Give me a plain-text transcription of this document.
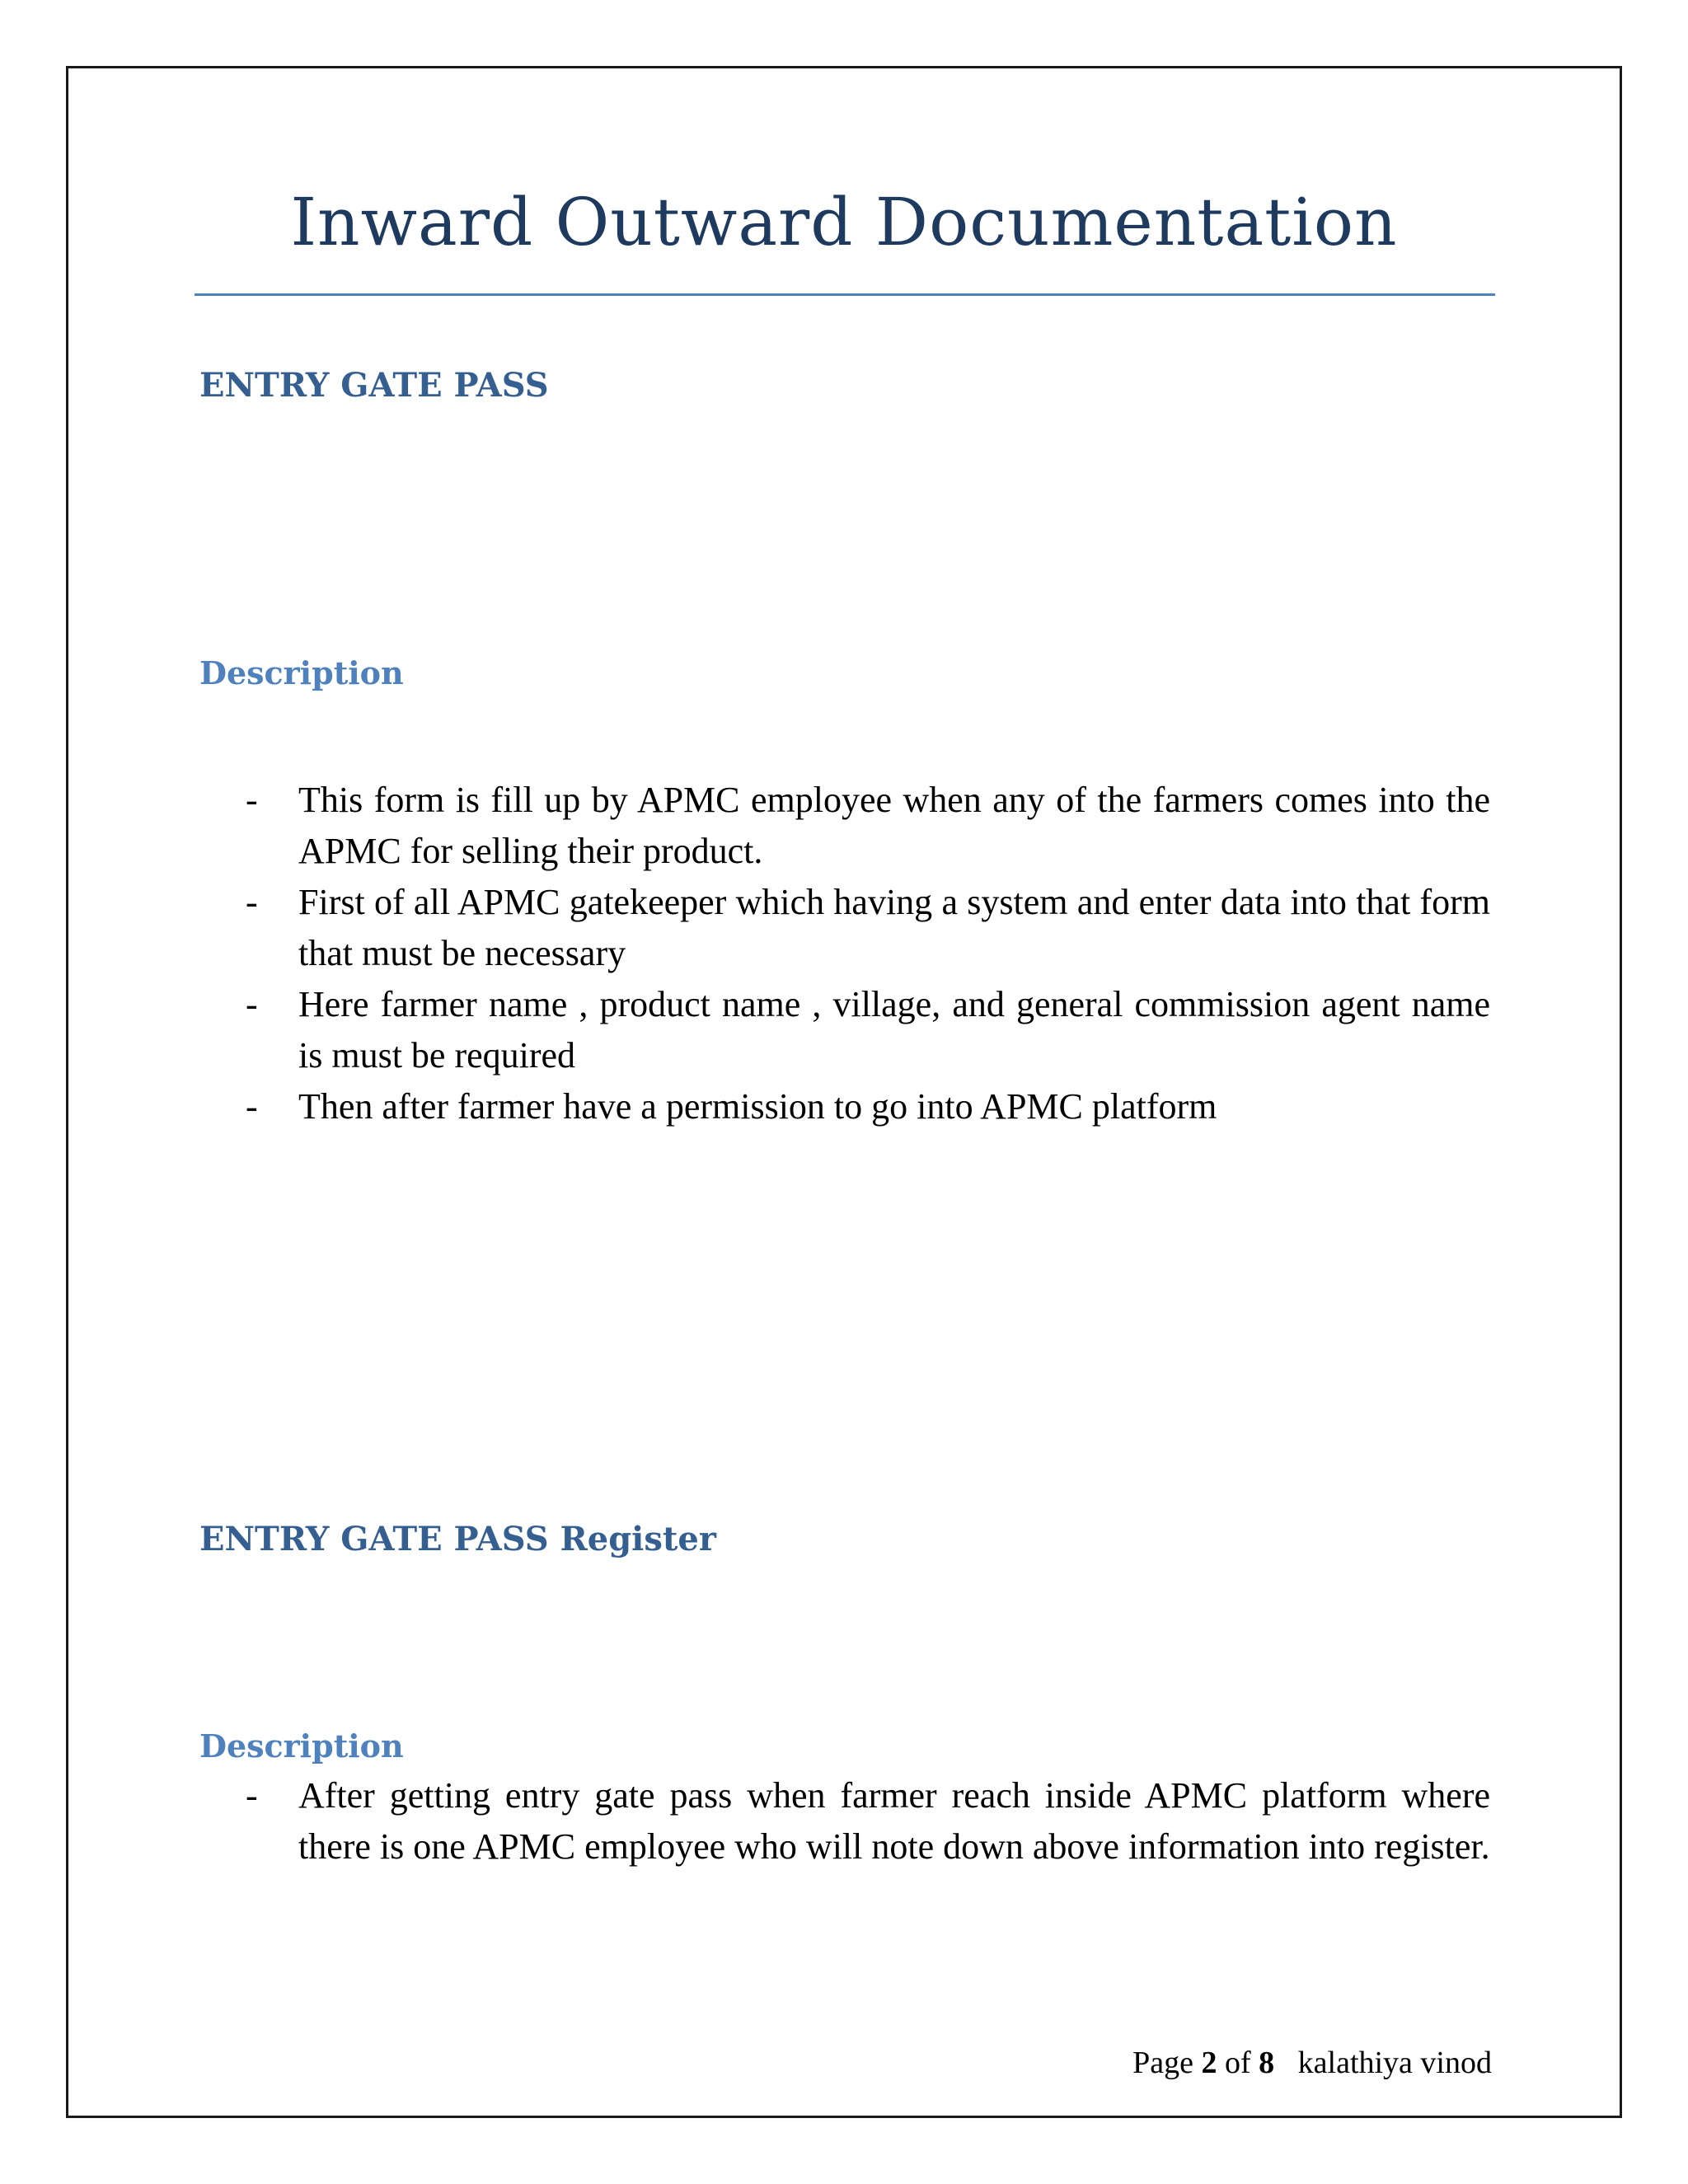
Inward Outward Documentation
ENTRY GATE PASS
Description
- This form is fill up by APMC employee when any of the farmers comes into the APMC for selling their product.
- First of all APMC gatekeeper which having a system and enter data into that form that must be necessary
- Here farmer name , product name , village, and general commission agent name is must be required
- Then after farmer have a permission to go into APMC platform
ENTRY GATE PASS Register
Description
- After getting entry gate pass when farmer reach inside APMC platform where there is one APMC employee who will note down above information into register.
Page 2 of 8 kalathiya vinod
